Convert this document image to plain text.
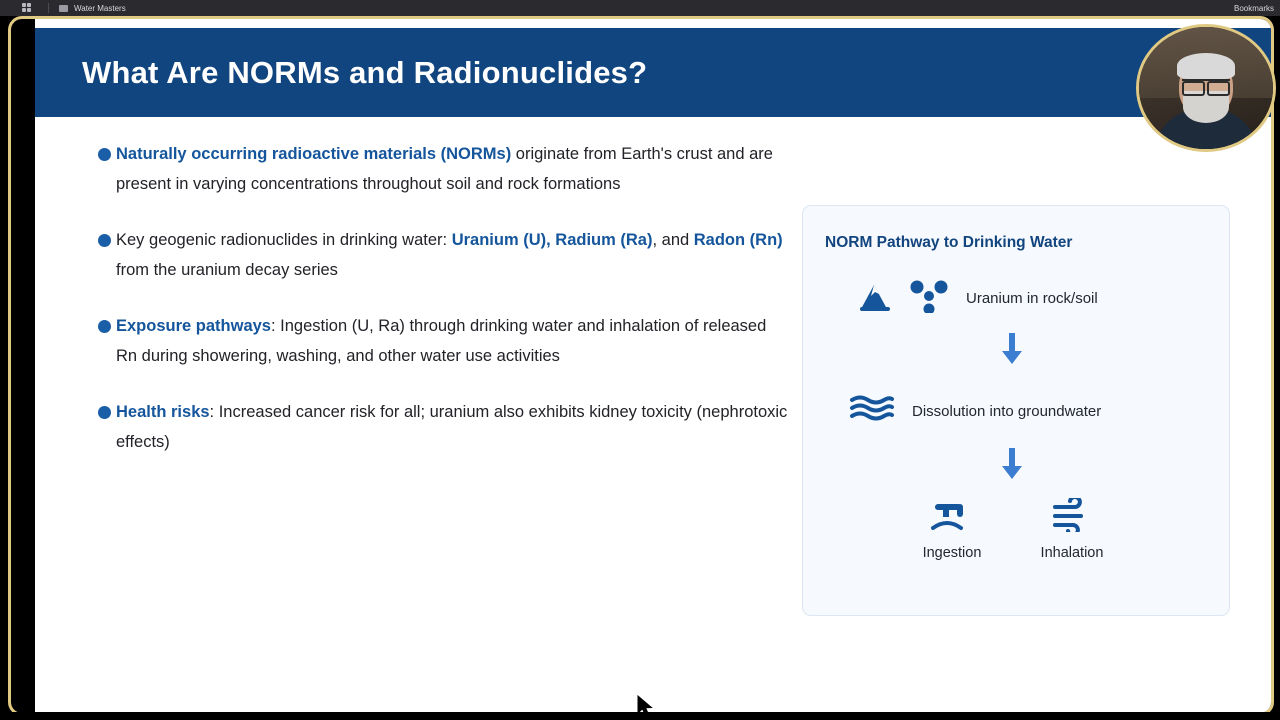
Water Masters	Bookmarks
What Are NORMs and Radionuclides?
Naturally occurring radioactive materials (NORMs) originate from Earth's crust and are present in varying concentrations throughout soil and rock formations
Key geogenic radionuclides in drinking water: Uranium (U), Radium (Ra), and Radon (Rn) from the uranium decay series
Exposure pathways: Ingestion (U, Ra) through drinking water and inhalation of released Rn during showering, washing, and other water use activities
Health risks: Increased cancer risk for all; uranium also exhibits kidney toxicity (nephrotoxic effects)
NORM Pathway to Drinking Water
Uranium in rock/soil
Dissolution into groundwater
Ingestion	Inhalation
